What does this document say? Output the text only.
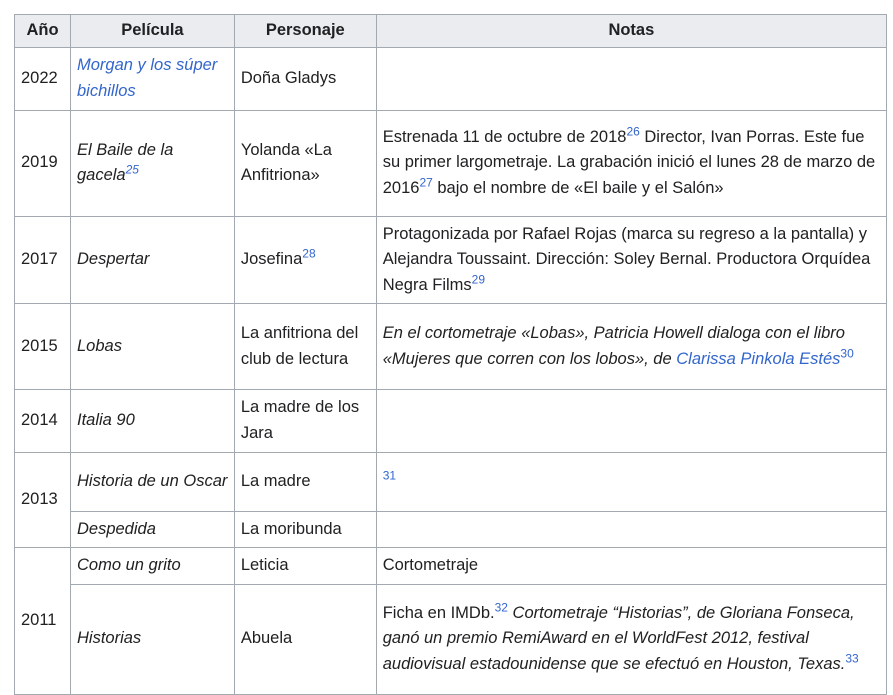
Año	Película	Personaje	Notas
2022	Morgan y los súper bichillos	Doña Gladys	
2019	El Baile de la gacela$^{25}$	Yolanda «La Anfitriona»	Estrenada 11 de octubre de 2018$^{26}$ Director, Ivan Porras. Este fue su primer largometraje. La grabación inició el lunes 28 de marzo de 2016$^{27}$ bajo el nombre de «El baile y el Salón»
2017	Despertar	Josefina$^{28}$	Protagonizada por Rafael Rojas (marca su regreso a la pantalla) y Alejandra Toussaint. Dirección: Soley Bernal. Productora Orquídea Negra Films$^{29}$
2015	Lobas	La anfitriona del club de lectura	En el cortometraje «Lobas», Patricia Howell dialoga con el libro «Mujeres que corren con los lobos», de Clarissa Pinkola Estés$^{30}$
2014	Italia 90	La madre de los Jara	
2013	Historia de un Oscar	La madre	$^{31}$
	Despedida	La moribunda	
2011	Como un grito	Leticia	Cortometraje
	Historias	Abuela	Ficha en IMDb.$^{32}$ Cortometraje “Historias”, de Gloriana Fonseca, ganó un premio RemiAward en el WorldFest 2012, festival audiovisual estadounidense que se efectuó en Houston, Texas.$^{33}$
